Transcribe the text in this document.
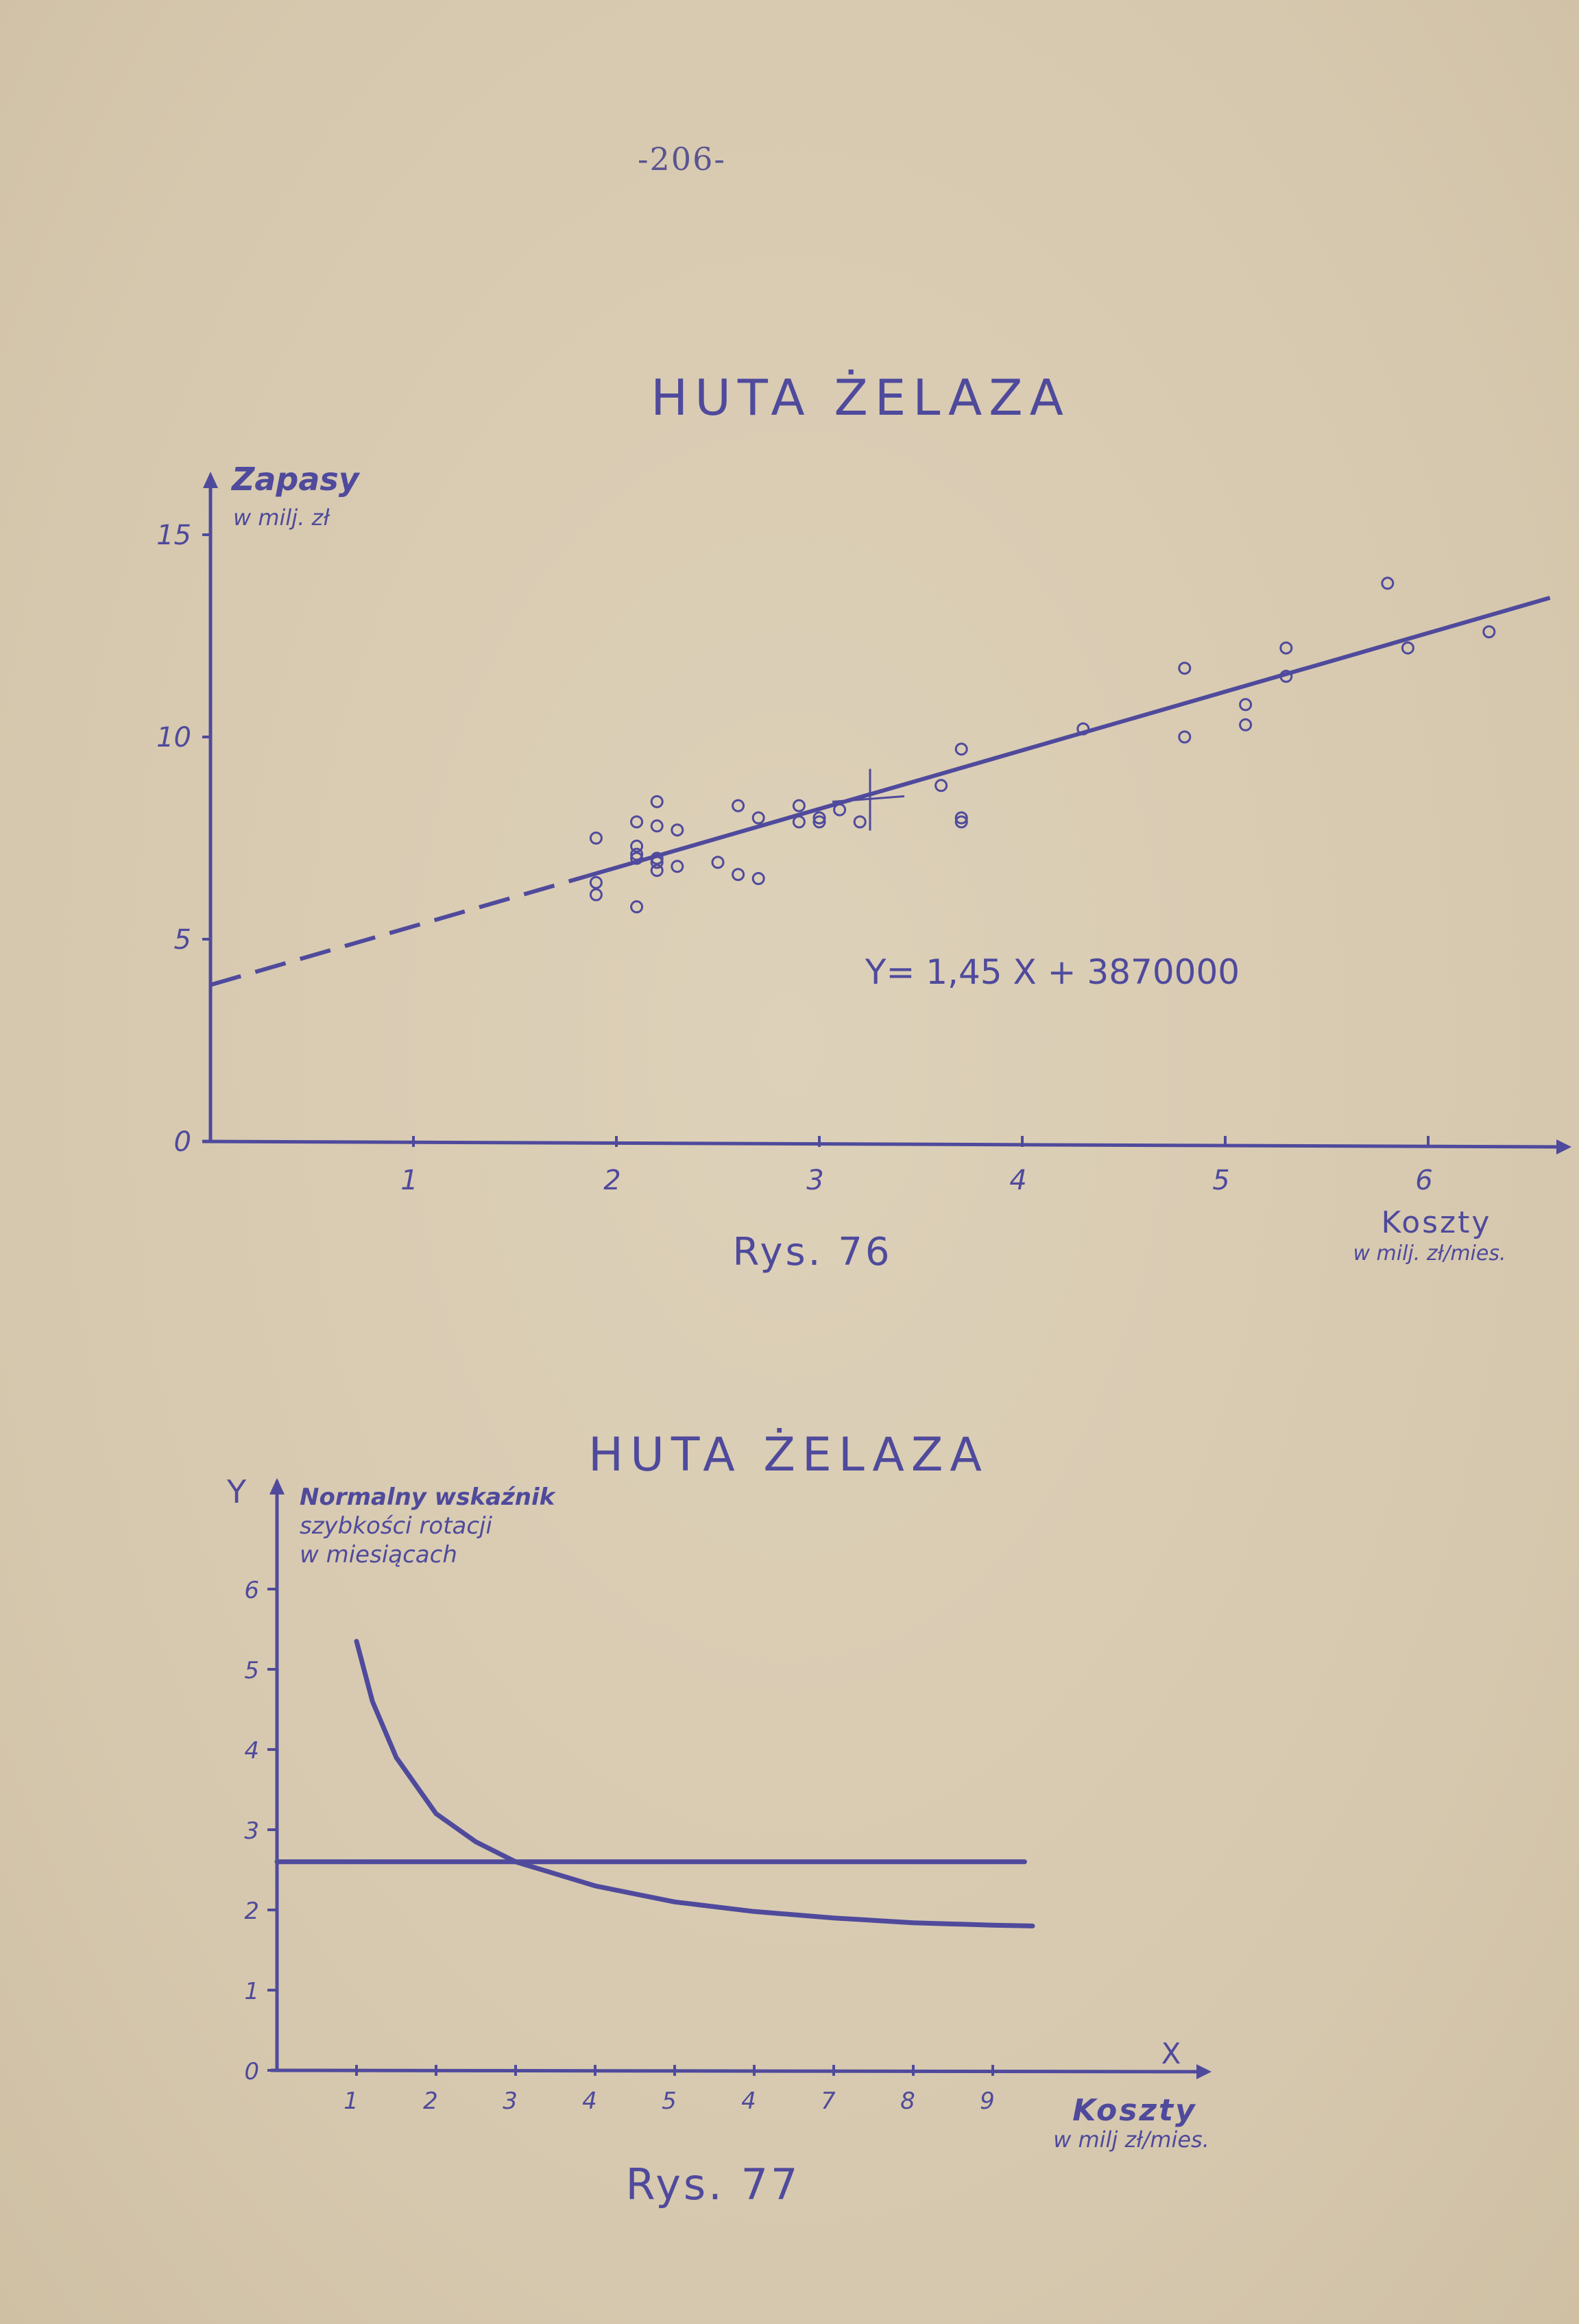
-206-
HUTA ŻELAZA
Zapasy
w milj. zł
1	2	3	4	5	6
0
5
10
15
Y= 1,45 X + 3870000
Koszty
w milj. zł/mies.
Rys. 76
HUTA ŻELAZA
Y
X
Normalny wskaźnik
szybkości rotacji
w miesiącach
1	2	3	4	5	4	7	8	9
0
1
2
3
4
5
6
Koszty
w milj zł/mies.
Rys. 77
